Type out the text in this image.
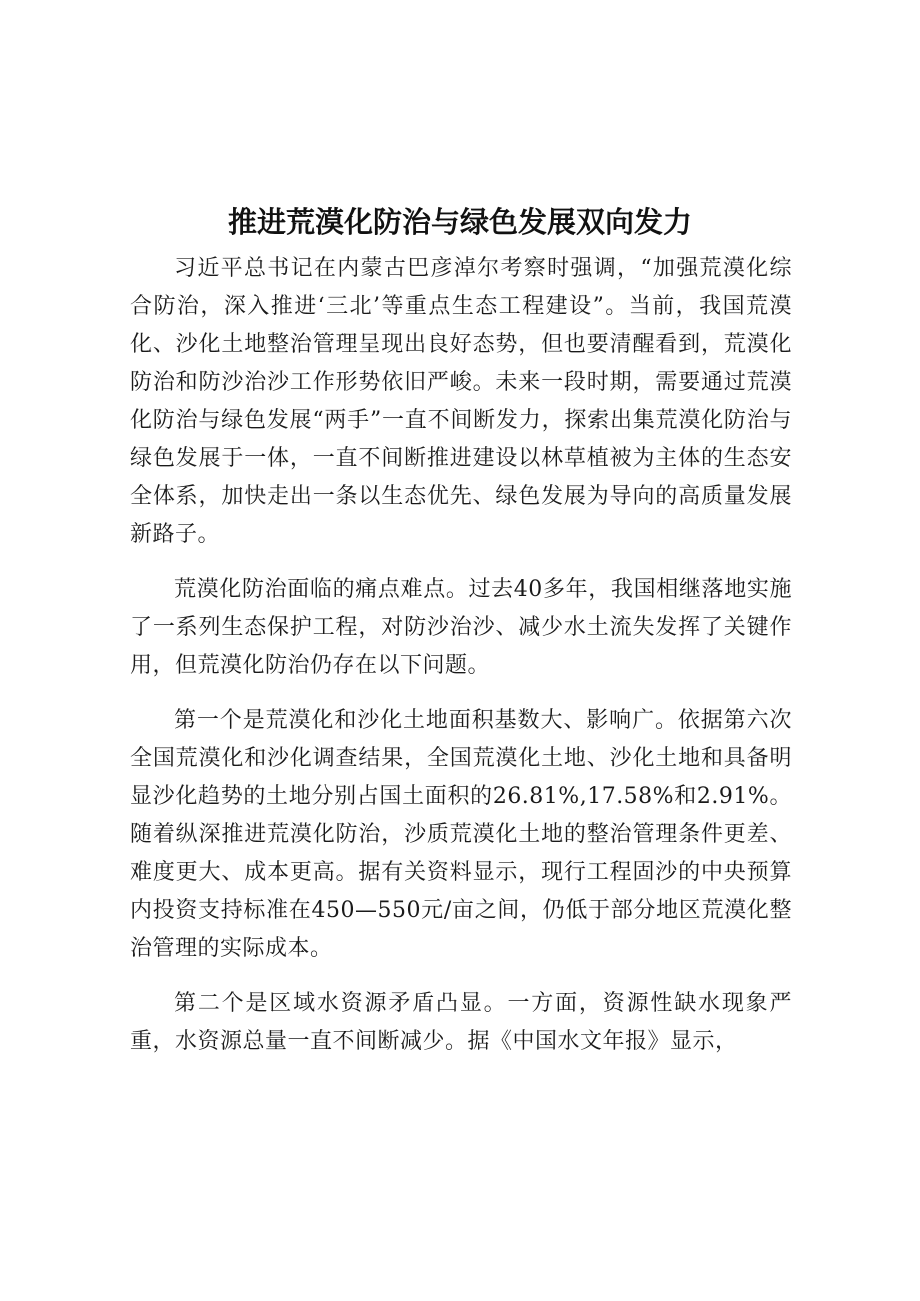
推进荒漠化防治与绿色发展双向发力

习近平总书记在内蒙古巴彦淖尔考察时强调，“加强荒漠化综合防治，深入推进‘三北’等重点生态工程建设”。当前，我国荒漠化、沙化土地整治管理呈现出良好态势，但也要清醒看到，荒漠化防治和防沙治沙工作形势依旧严峻。未来一段时期，需要通过荒漠化防治与绿色发展“两手”一直不间断发力，探索出集荒漠化防治与绿色发展于一体，一直不间断推进建设以林草植被为主体的生态安全体系，加快走出一条以生态优先、绿色发展为导向的高质量发展新路子。

荒漠化防治面临的痛点难点。过去40多年，我国相继落地实施了一系列生态保护工程，对防沙治沙、减少水土流失发挥了关键作用，但荒漠化防治仍存在以下问题。

第一个是荒漠化和沙化土地面积基数大、影响广。依据第六次全国荒漠化和沙化调查结果，全国荒漠化土地、沙化土地和具备明显沙化趋势的土地分别占国土面积的26.81%,17.58%和2.91%。随着纵深推进荒漠化防治，沙质荒漠化土地的整治管理条件更差、难度更大、成本更高。据有关资料显示，现行工程固沙的中央预算内投资支持标准在450—550元/亩之间，仍低于部分地区荒漠化整治管理的实际成本。

第二个是区域水资源矛盾凸显。一方面，资源性缺水现象严重，水资源总量一直不间断减少。据《中国水文年报》显示，
